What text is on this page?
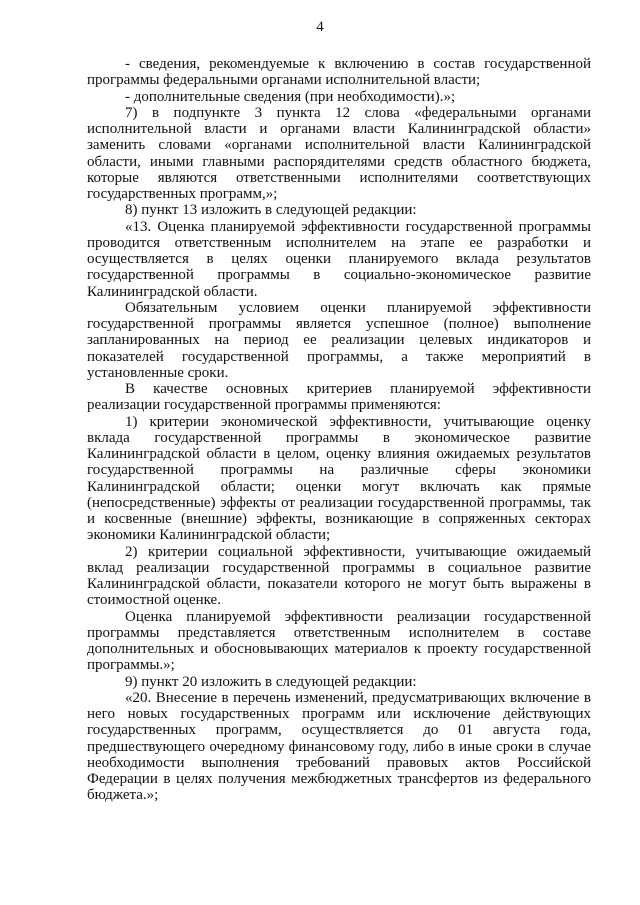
4

- сведения, рекомендуемые к включению в состав государственной программы федеральными органами исполнительной власти;

- дополнительные сведения (при необходимости).»;

7) в подпункте 3 пункта 12 слова «федеральными органами исполнительной власти и органами власти Калининградской области» заменить словами «органами исполнительной власти Калининградской области, иными главными распорядителями средств областного бюджета, которые являются ответственными исполнителями соответствующих государственных программ,»;

8) пункт 13 изложить в следующей редакции:

«13. Оценка планируемой эффективности государственной программы проводится ответственным исполнителем на этапе ее разработки и осуществляется в целях оценки планируемого вклада результатов государственной программы в социально-экономическое развитие Калининградской области.

Обязательным условием оценки планируемой эффективности государственной программы является успешное (полное) выполнение запланированных на период ее реализации целевых индикаторов и показателей государственной программы, а также мероприятий в установленные сроки.

В качестве основных критериев планируемой эффективности реализации государственной программы применяются:

1) критерии экономической эффективности, учитывающие оценку вклада государственной программы в экономическое развитие Калининградской области в целом, оценку влияния ожидаемых результатов государственной программы на различные сферы экономики Калининградской области; оценки могут включать как прямые (непосредственные) эффекты от реализации государственной программы, так и косвенные (внешние) эффекты, возникающие в сопряженных секторах экономики Калининградской области;

2) критерии социальной эффективности, учитывающие ожидаемый вклад реализации государственной программы в социальное развитие Калининградской области, показатели которого не могут быть выражены в стоимостной оценке.

Оценка планируемой эффективности реализации государственной программы представляется ответственным исполнителем в составе дополнительных и обосновывающих материалов к проекту государственной программы.»;

9) пункт 20 изложить в следующей редакции:

«20. Внесение в перечень изменений, предусматривающих включение в него новых государственных программ или исключение действующих государственных программ, осуществляется до 01 августа года, предшествующего очередному финансовому году, либо в иные сроки в случае необходимости выполнения требований правовых актов Российской Федерации в целях получения межбюджетных трансфертов из федерального бюджета.»;
